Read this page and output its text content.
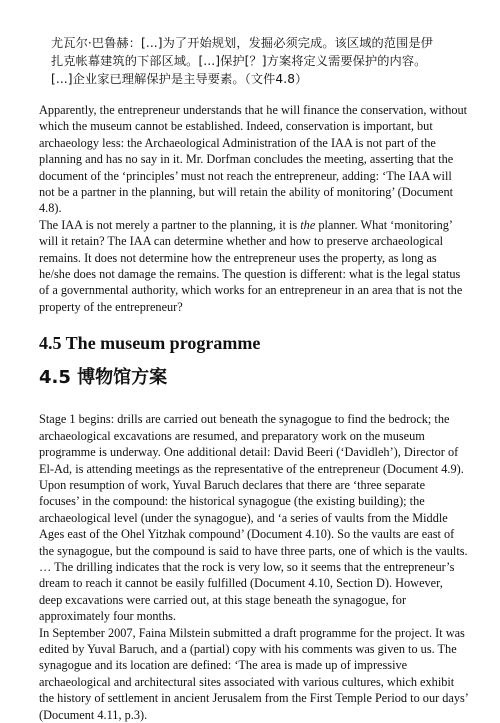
尤瓦尔·巴鲁赫：[...]为了开始规划，发掘必须完成。该区域的范围是伊
扎克帐幕建筑的下部区域。[...]保护[？]方案将定义需要保护的内容。
[...]企业家已理解保护是主导要素。（文件4.8）

Apparently, the entrepreneur understands that he will finance the conservation, without which the museum cannot be established. Indeed, conservation is important, but archaeology less: the Archaeological Administration of the IAA is not part of the planning and has no say in it. Mr. Dorfman concludes the meeting, asserting that the document of the ‘principles’ must not reach the entrepreneur, adding: ‘The IAA will not be a partner in the planning, but will retain the ability of monitoring’ (Document 4.8).

The IAA is not merely a partner to the planning, it is the planner. What ‘monitoring’ will it retain? The IAA can determine whether and how to preserve archaeological remains. It does not determine how the entrepreneur uses the property, as long as he/she does not damage the remains. The question is different: what is the legal status of a governmental authority, which works for an entrepreneur in an area that is not the property of the entrepreneur?

4.5 The museum programme
4.5 博物馆方案

Stage 1 begins: drills are carried out beneath the synagogue to find the bedrock; the archaeological excavations are resumed, and preparatory work on the museum programme is underway. One additional detail: David Beeri (‘Davidleh’), Director of El-Ad, is attending meetings as the representative of the entrepreneur (Document 4.9).

Upon resumption of work, Yuval Baruch declares that there are ‘three separate focuses’ in the compound: the historical synagogue (the existing building); the archaeological level (under the synagogue), and ‘a series of vaults from the Middle Ages east of the Ohel Yitzhak compound’ (Document 4.10). So the vaults are east of the synagogue, but the compound is said to have three parts, one of which is the vaults. … The drilling indicates that the rock is very low, so it seems that the entrepreneur’s dream to reach it cannot be easily fulfilled (Document 4.10, Section D). However, deep excavations were carried out, at this stage beneath the synagogue, for approximately four months.

In September 2007, Faina Milstein submitted a draft programme for the project. It was edited by Yuval Baruch, and a (partial) copy with his comments was given to us. The synagogue and its location are defined: ‘The area is made up of impressive archaeological and architectural sites associated with various cultures, which exhibit the history of settlement in ancient Jerusalem from the First Temple Period to our days’ (Document 4.11, p.3).
